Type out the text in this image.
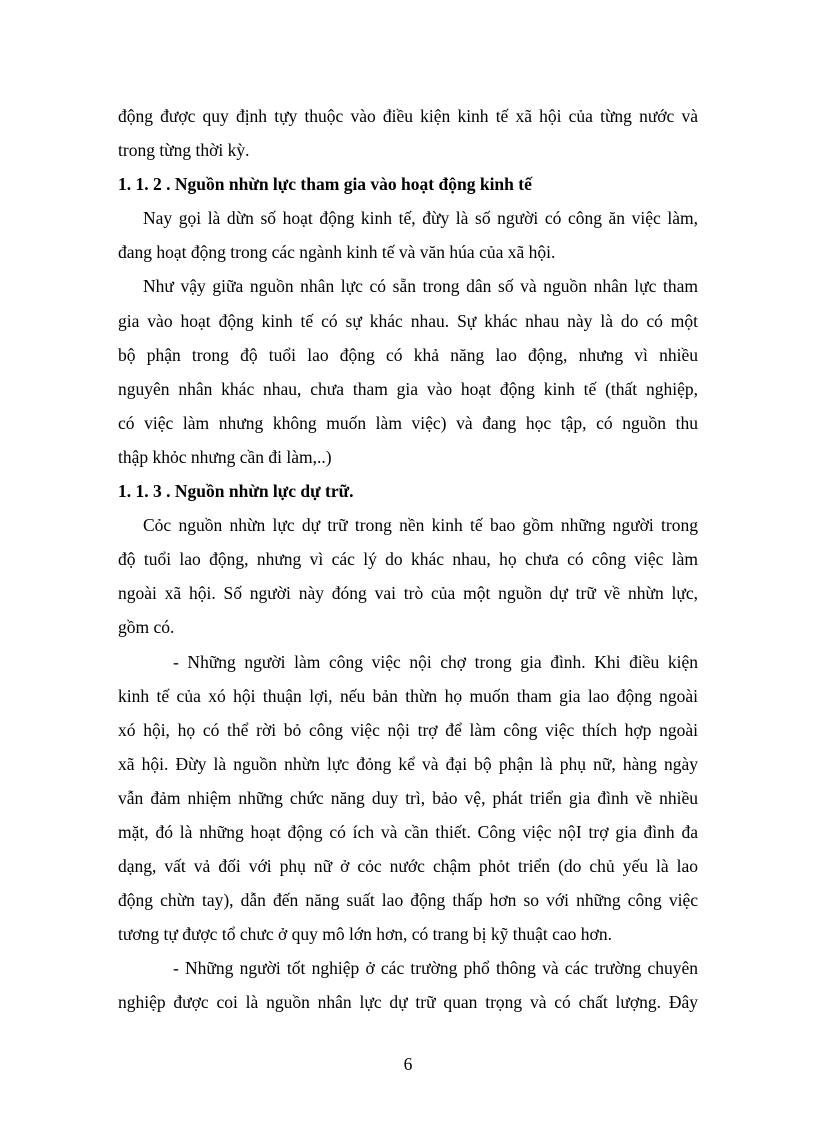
động được quy định tựy thuộc vào điều kiện kinh tế xã hội của từng nước và
trong từng thời kỳ.
1. 1. 2 . Nguồn nhừn lực tham gia vào hoạt động kinh tế
Nay gọi là dừn số hoạt động kinh tế, đừy là số người có công ăn việc làm,
đang hoạt động trong các ngành kinh tế và văn húa của xã hội.
Như vậy giữa nguồn nhân lực có sẵn trong dân số và nguồn nhân lực tham
gia vào hoạt động kinh tế có sự khác nhau. Sự khác nhau này là do có một
bộ phận trong độ tuổi lao động có khả năng lao động, nhưng vì nhiều
nguyên nhân khác nhau, chưa tham gia vào hoạt động kinh tế (thất nghiệp,
có việc làm nhưng không muốn làm việc) và đang học tập, có nguồn thu
thập khỏc nhưng cần đi làm,..)
1. 1. 3 . Nguồn nhừn lực dự trữ.
Cỏc nguồn nhừn lực dự trữ trong nền kinh tế bao gồm những người trong
độ tuổi lao động, nhưng vì các lý do khác nhau, họ chưa có công việc làm
ngoài xã hội. Số người này đóng vai trò của một nguồn dự trữ về nhừn lực,
gồm có.
- Những người làm công việc nội chợ trong gia đình. Khi điều kiện
kinh tế của xó hội thuận lợi, nếu bản thừn họ muốn tham gia lao động ngoài
xó hội, họ có thể rời bỏ công việc nội trợ để làm công việc thích hợp ngoài
xã hội. Đừy là nguồn nhừn lực đỏng kể và đại bộ phận là phụ nữ, hàng ngày
vẫn đảm nhiệm những chức năng duy trì, bảo vệ, phát triển gia đình về nhiều
mặt, đó là những hoạt động có ích và cần thiết. Công việc nộI trợ gia đình đa
dạng, vất vả đối với phụ nữ ở cỏc nước chậm phỏt triển (do chủ yếu là lao
động chừn tay), dẫn đến năng suất lao động thấp hơn so với những công việc
tương tự được tổ chưc ở quy mô lớn hơn, có trang bị kỹ thuật cao hơn.
- Những người tốt nghiệp ở các trường phổ thông và các trường chuyên
nghiệp được coi là nguồn nhân lực dự trữ quan trọng và có chất lượng. Đây
6
